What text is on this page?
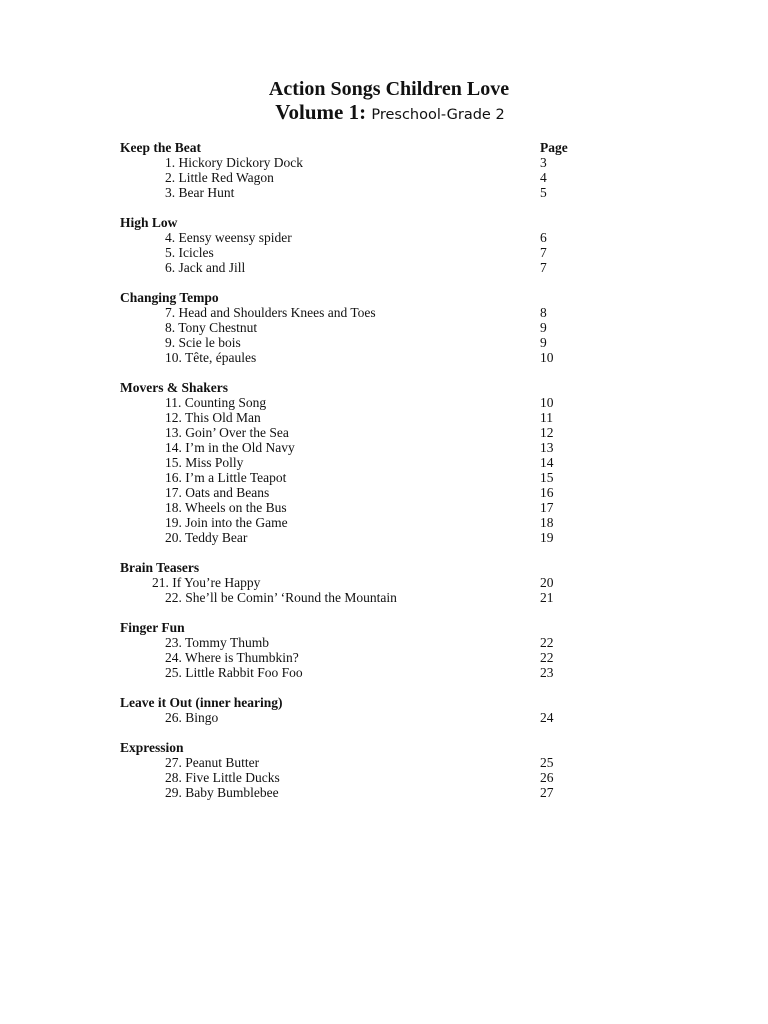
Action Songs Children Love
Volume 1: Preschool-Grade 2
Keep the Beat	Page
1. Hickory Dickory Dock	3
2. Little Red Wagon	4
3. Bear Hunt	5
High Low
4. Eensy weensy spider	6
5. Icicles	7
6. Jack and Jill	7
Changing Tempo
7. Head and Shoulders Knees and Toes	8
8. Tony Chestnut	9
9. Scie le bois	9
10. Tête, épaules	10
Movers & Shakers
11. Counting Song	10
12. This Old Man	11
13. Goin’ Over the Sea	12
14. I’m in the Old Navy	13
15. Miss Polly	14
16. I’m a Little Teapot	15
17. Oats and Beans	16
18. Wheels on the Bus	17
19. Join into the Game	18
20. Teddy Bear	19
Brain Teasers
21. If You’re Happy	20
22. She’ll be Comin’ ‘Round the Mountain	21
Finger Fun
23. Tommy Thumb	22
24. Where is Thumbkin?	22
25. Little Rabbit Foo Foo	23
Leave it Out (inner hearing)
26. Bingo	24
Expression
27. Peanut Butter	25
28. Five Little Ducks	26
29. Baby Bumblebee	27
